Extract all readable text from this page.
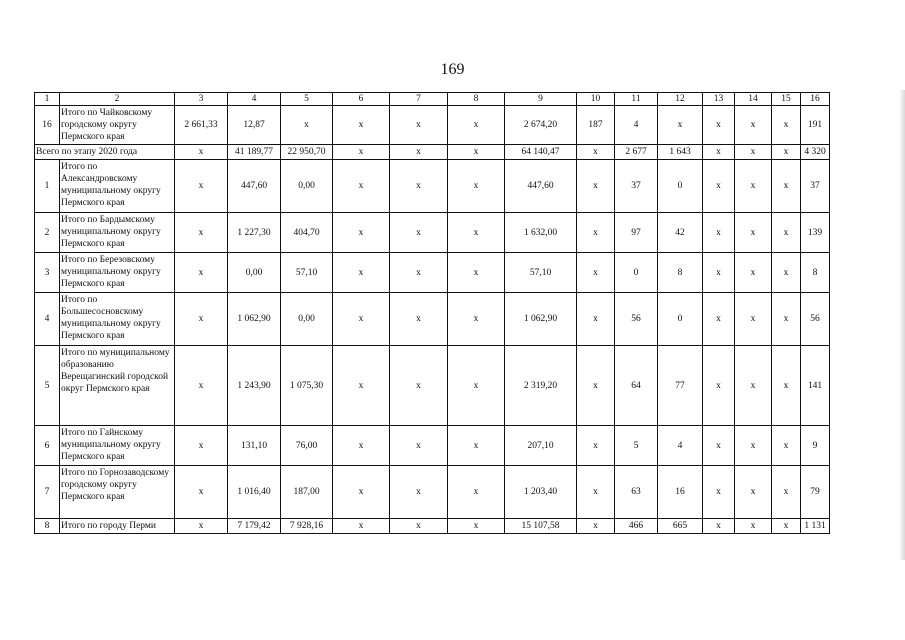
169
1	2	3	4	5	6	7	8	9	10	11	12	13	14	15	16
16	Итого по Чайковскому городскому округу Пермского края	2 661,33	12,87	х	х	х	х	2 674,20	187	4	х	х	х	х	191
Всего по этапу 2020 года		х	41 189,77	22 950,70	х	х	х	64 140,47	х	2 677	1 643	х	х	х	4 320
1	Итого по Александровскому муниципальному округу Пермского края	х	447,60	0,00	х	х	х	447,60	х	37	0	х	х	х	37
2	Итого по Бардымскому муниципальному округу Пермского края	х	1 227,30	404,70	х	х	х	1 632,00	х	97	42	х	х	х	139
3	Итого по Березовскому муниципальному округу Пермского края	х	0,00	57,10	х	х	х	57,10	х	0	8	х	х	х	8
4	Итого по Большесосновскому муниципальному округу Пермского края	х	1 062,90	0,00	х	х	х	1 062,90	х	56	0	х	х	х	56
5	Итого по муниципальному образованию Верещагинский городской округ Пермского края	х	1 243,90	1 075,30	х	х	х	2 319,20	х	64	77	х	х	х	141
6	Итого по Гайнскому муниципальному округу Пермского края	х	131,10	76,00	х	х	х	207,10	х	5	4	х	х	х	9
7	Итого по Горнозаводскому городскому округу Пермского края	х	1 016,40	187,00	х	х	х	1 203,40	х	63	16	х	х	х	79
8	Итого по городу Перми	х	7 179,42	7 928,16	х	х	х	15 107,58	х	466	665	х	х	х	1 131
